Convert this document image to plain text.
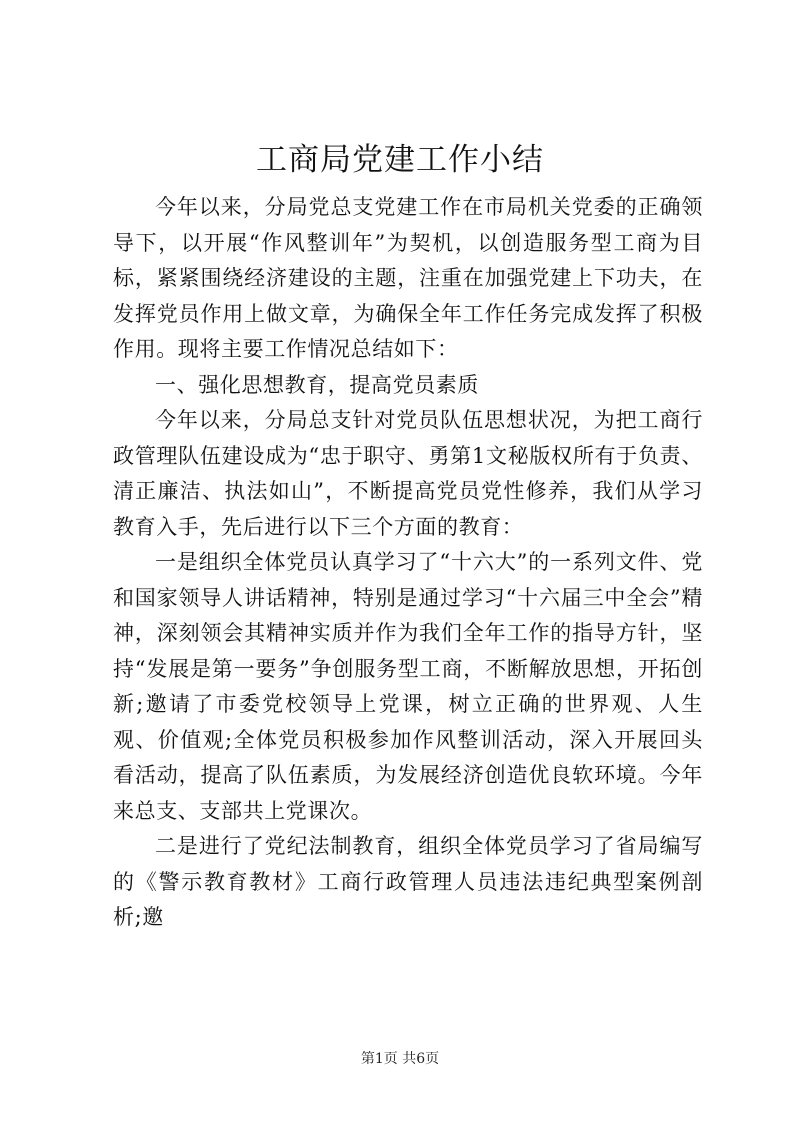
工商局党建工作小结

今年以来，分局党总支党建工作在市局机关党委的正确领导下，以开展“作风整训年”为契机，以创造服务型工商为目标，紧紧围绕经济建设的主题，注重在加强党建上下功夫，在发挥党员作用上做文章，为确保全年工作任务完成发挥了积极作用。现将主要工作情况总结如下：

一、强化思想教育，提高党员素质

今年以来，分局总支针对党员队伍思想状况，为把工商行政管理队伍建设成为“忠于职守、勇第1文秘版权所有于负责、清正廉洁、执法如山”，不断提高党员党性修养，我们从学习教育入手，先后进行以下三个方面的教育：

一是组织全体党员认真学习了“十六大”的一系列文件、党和国家领导人讲话精神，特别是通过学习“十六届三中全会”精神，深刻领会其精神实质并作为我们全年工作的指导方针，坚持“发展是第一要务”争创服务型工商，不断解放思想，开拓创新;邀请了市委党校领导上党课，树立正确的世界观、人生观、价值观;全体党员积极参加作风整训活动，深入开展回头看活动，提高了队伍素质，为发展经济创造优良软环境。今年来总支、支部共上党课次。

二是进行了党纪法制教育，组织全体党员学习了省局编写的《警示教育教材》工商行政管理人员违法违纪典型案例剖析;邀

第1页 共6页
